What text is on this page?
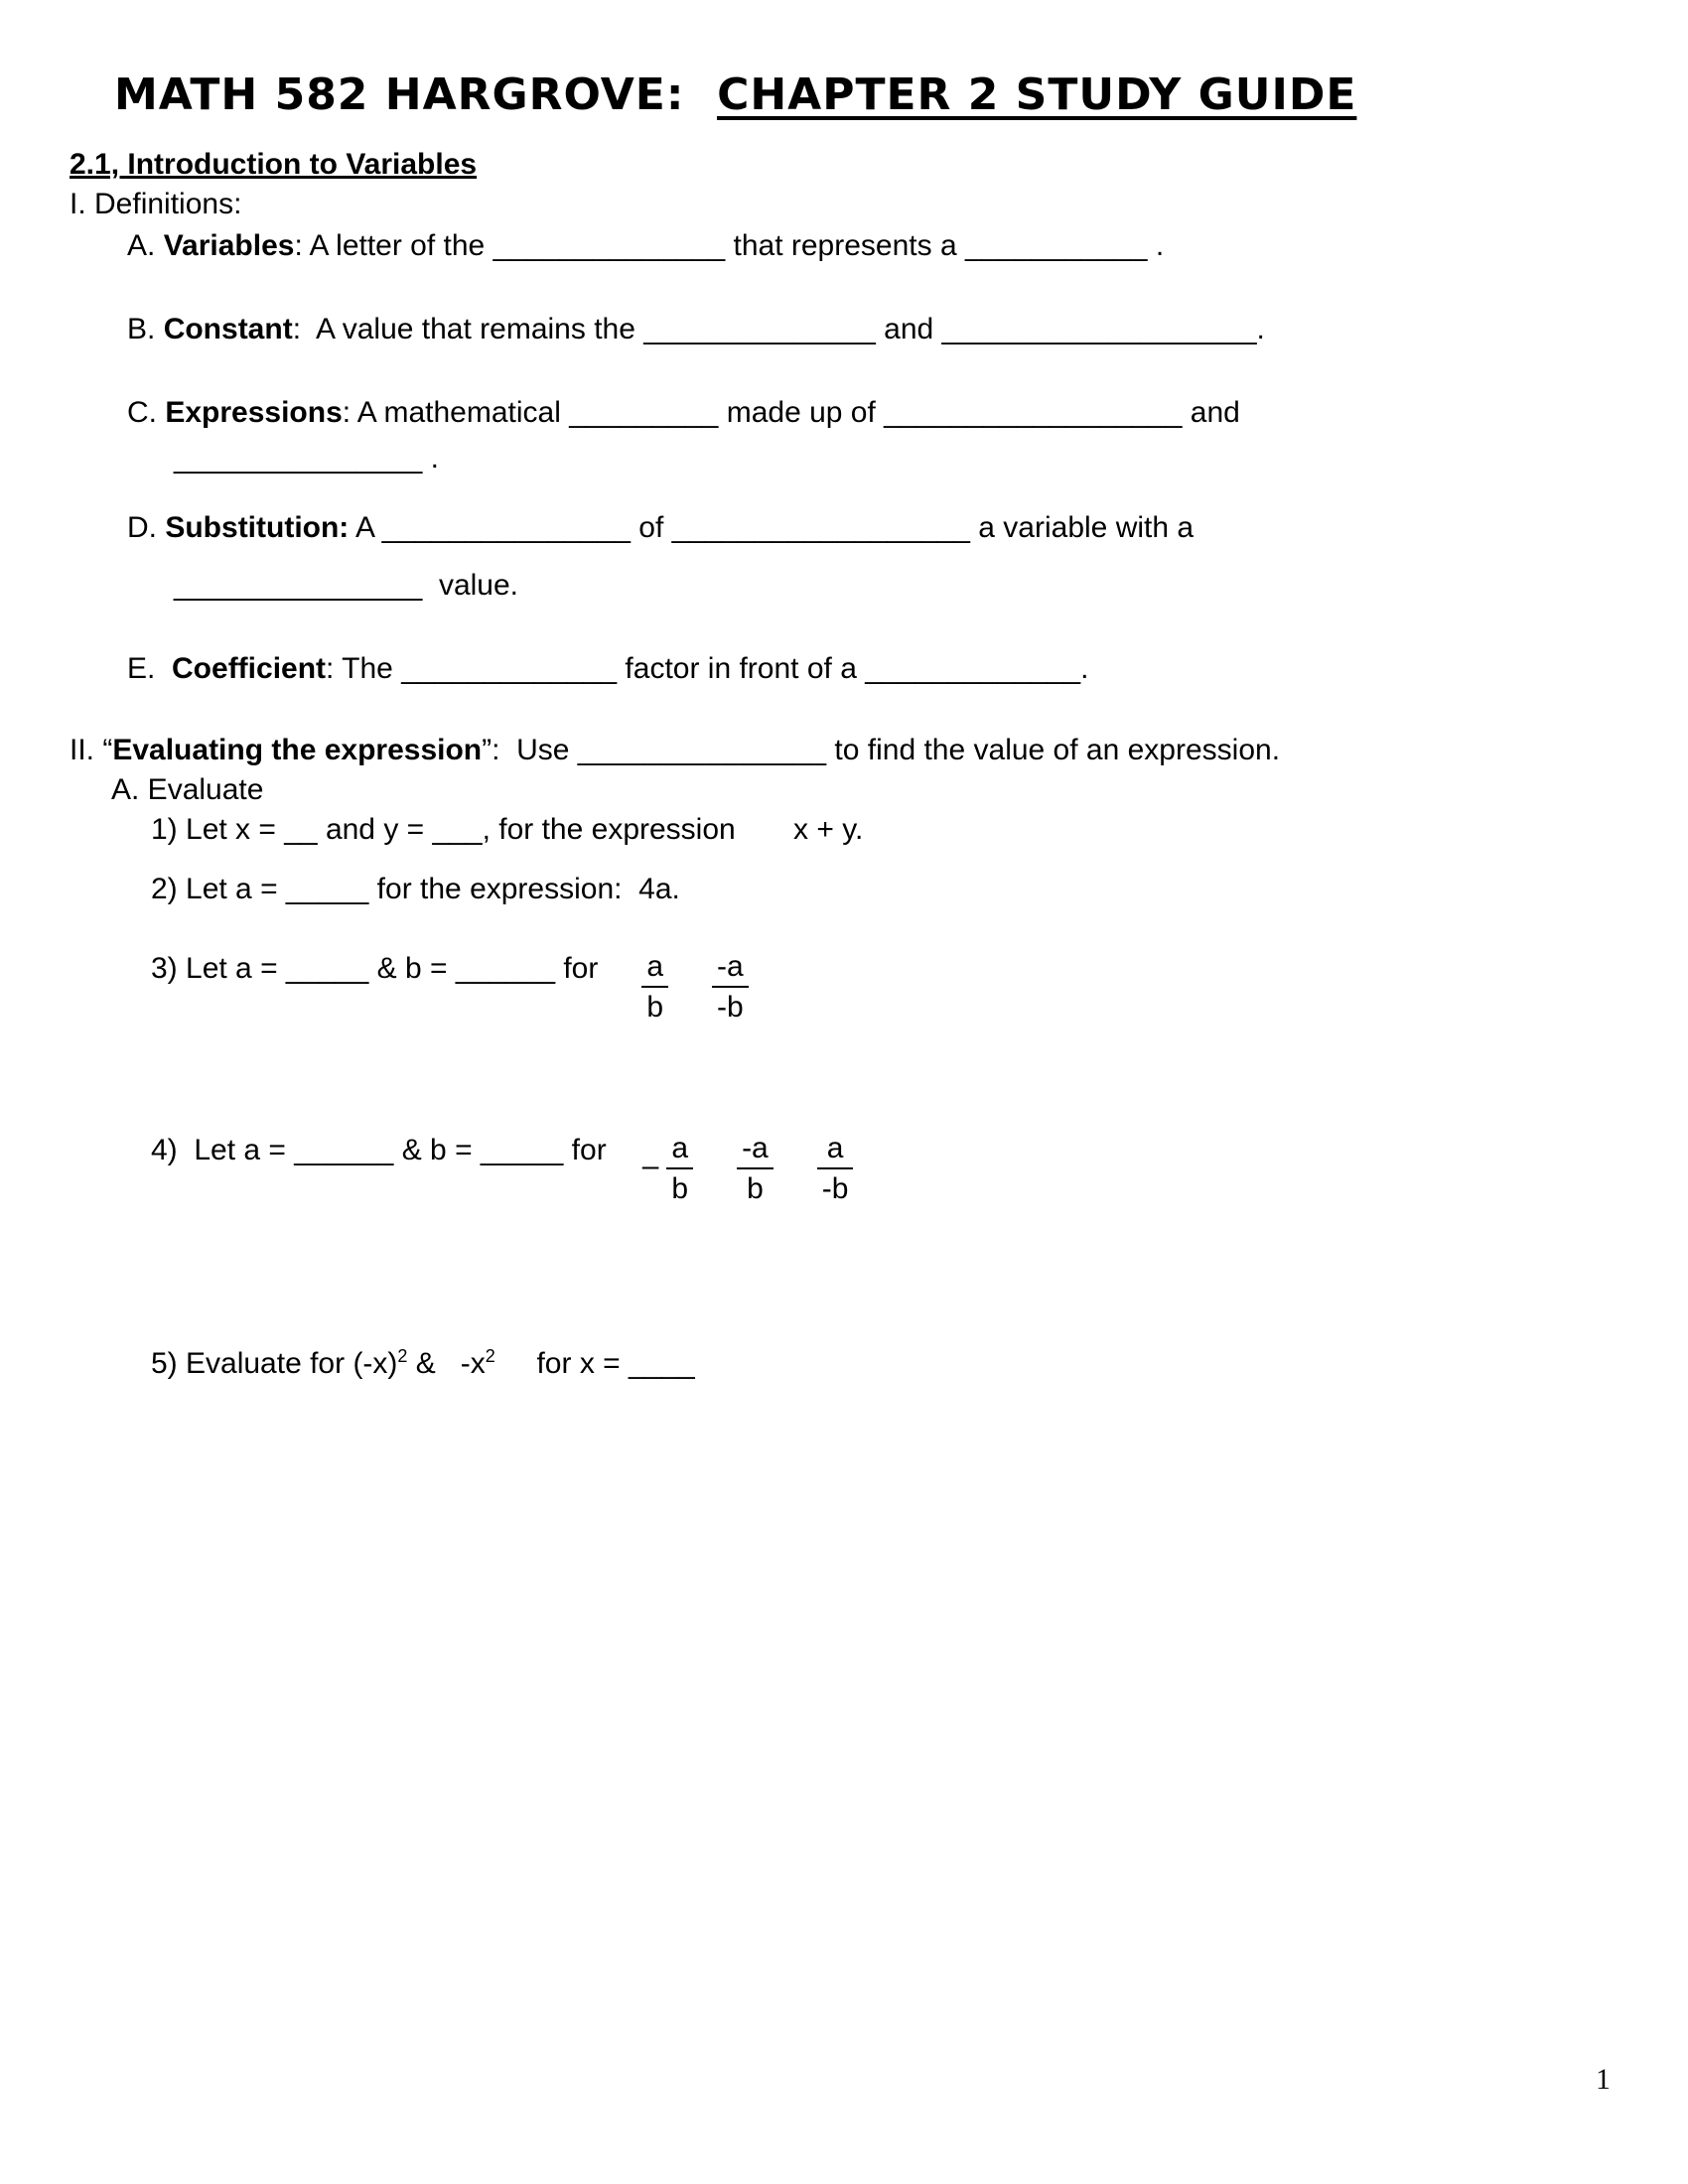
MATH 582 HARGROVE:  CHAPTER 2 STUDY GUIDE

2.1, Introduction to Variables

I. Definitions:

A. Variables: A letter of the ______________ that represents a ___________ .

B. Constant:  A value that remains the ______________ and ___________________.

C. Expressions: A mathematical _________ made up of __________________ and

_______________ .

D. Substitution: A _______________ of __________________ a variable with a

_______________  value.

E.  Coefficient: The _____________ factor in front of a _____________.

II. “Evaluating the expression”:  Use _______________ to find the value of an expression.

A. Evaluate

1) Let x = __ and y = ___, for the expression       x + y.

2) Let a = _____ for the expression:  4a.

3) Let a = _____ & b = ______ for $\frac{a}{b} \frac{-a}{-b}$

4)  Let a = ______ & b = _____ for – $\frac{a}{b} \frac{-a}{b} \frac{a}{-b}$

5) Evaluate for $(-x)^2$ &   $-x^2$     for x = ____

1
